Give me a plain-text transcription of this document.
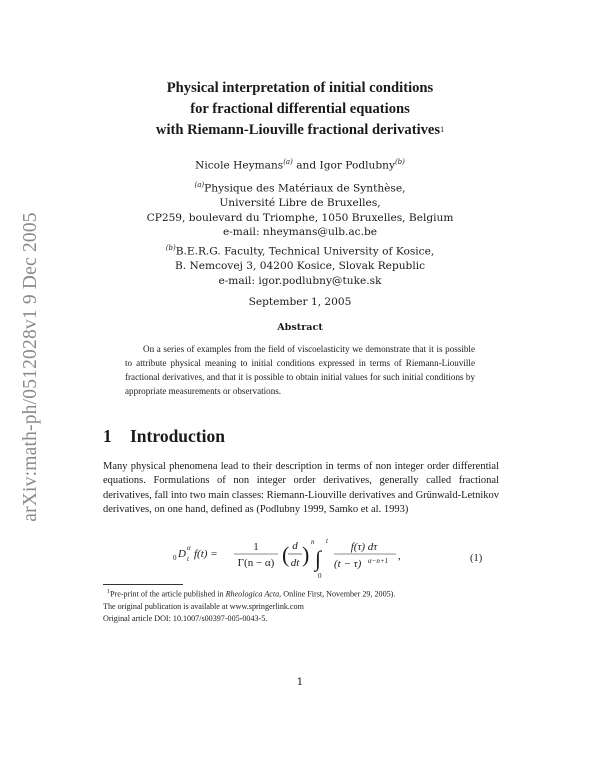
arXiv:math-ph/0512028v1 9 Dec 2005
Physical interpretation of initial conditions
for fractional differential equations
with Riemann-Liouville fractional derivatives$^1$
Nicole Heymans$^{(a)}$ and Igor Podlubny$^{(b)}$
$^{(a)}$Physique des Matériaux de Synthèse,
Université Libre de Bruxelles,
CP259, boulevard du Triomphe, 1050 Bruxelles, Belgium
e-mail: nheymans@ulb.ac.be
$^{(b)}$B.E.R.G. Faculty, Technical University of Kosice,
B. Nemcovej 3, 04200 Kosice, Slovak Republic
e-mail: igor.podlubny@tuke.sk
September 1, 2005
Abstract
On a series of examples from the field of viscoelasticity we demonstrate that it is possible to attribute physical meaning to initial conditions expressed in terms of Riemann-Liouville fractional derivatives, and that it is possible to obtain initial values for such initial conditions by appropriate measurements or observations.
1 Introduction
Many physical phenomena lead to their description in terms of non integer order differential equations. Formulations of non integer order derivatives, generally called fractional derivatives, fall into two main classes: Riemann-Liouville derivatives and Grünwald-Letnikov derivatives, on one hand, defined as (Podlubny 1999, Samko et al. 1993)
0 D α
t f(t) =
1
Γ(n − α) ( d
dt ) n
∫
t
0
f(τ) dτ
(t − τ) α−n+1 ,	(1)
$^1$Pre-print of the article published in Rheologica Acta, Online First, November 29, 2005).
The original publication is available at www.springerlink.com
Original article DOI: 10.1007/s00397-005-0043-5.
1
